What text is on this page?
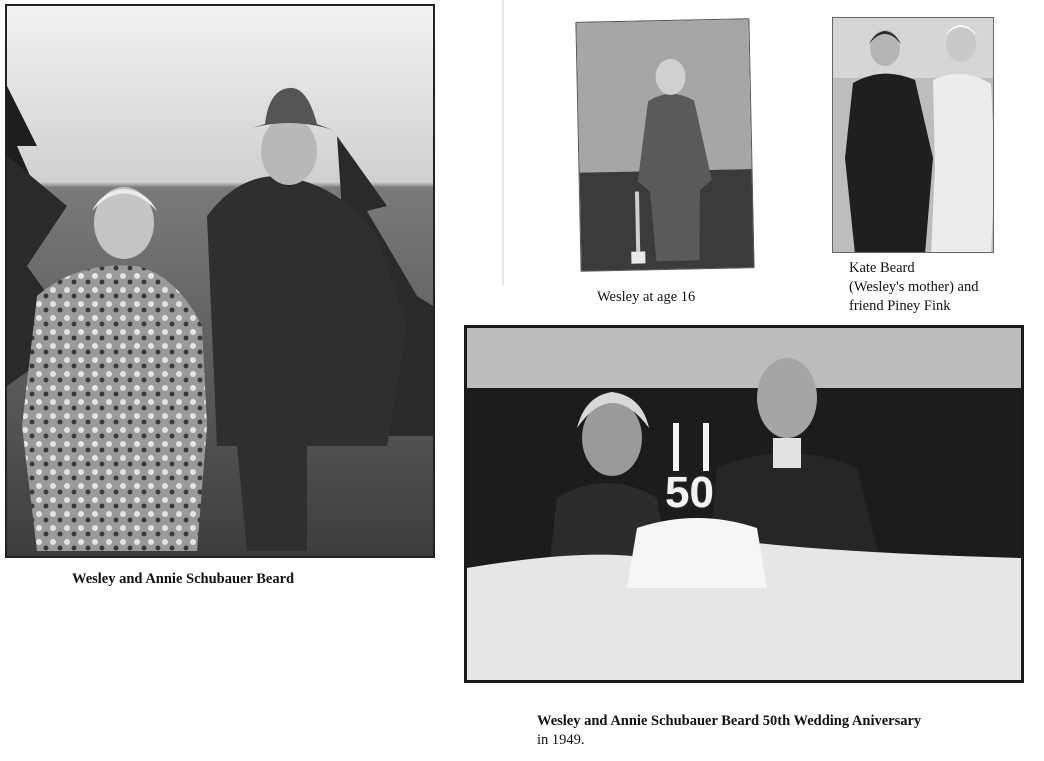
Wesley and Annie Schubauer Beard
Wesley at age 16
Kate Beard
(Wesley's mother) and
friend Piney Fink
50
Wesley and Annie Schubauer Beard 50th Wedding Aniversary
in 1949.
